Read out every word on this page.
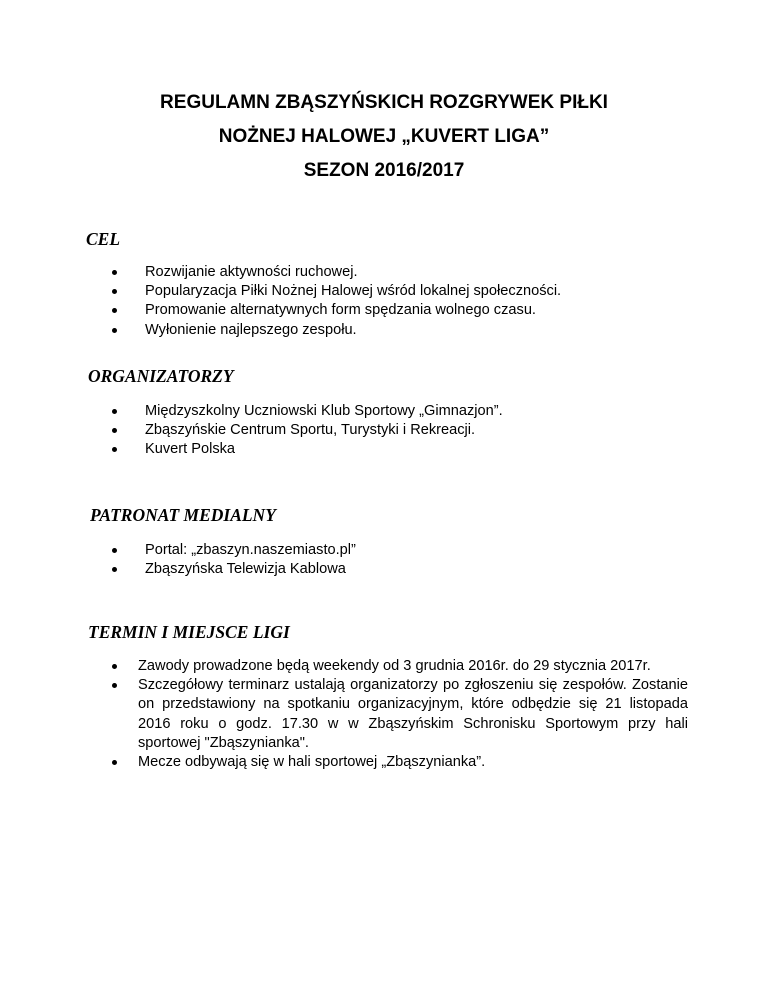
REGULAMN ZBĄSZYŃSKICH ROZGRYWEK PIŁKI
NOŻNEJ HALOWEJ „KUVERT LIGA”
SEZON 2016/2017
CEL
Rozwijanie aktywności ruchowej.
Popularyzacja Piłki Nożnej Halowej wśród lokalnej społeczności.
Promowanie alternatywnych form spędzania wolnego czasu.
Wyłonienie najlepszego zespołu.
ORGANIZATORZY
Międzyszkolny Uczniowski Klub Sportowy „Gimnazjon”.
Zbąszyńskie Centrum Sportu, Turystyki i Rekreacji.
Kuvert Polska
PATRONAT MEDIALNY
Portal: „zbaszyn.naszemiasto.pl”
Zbąszyńska Telewizja Kablowa
TERMIN I MIEJSCE LIGI
Zawody prowadzone będą weekendy od 3 grudnia 2016r. do 29 stycznia 2017r.
Szczegółowy terminarz ustalają organizatorzy po zgłoszeniu się zespołów. Zostanie on przedstawiony na spotkaniu organizacyjnym, które odbędzie się 21 listopada 2016 roku o godz. 17.30 w w Zbąszyńskim Schronisku Sportowym przy hali sportowej "Zbąszynianka".
Mecze odbywają się w hali sportowej „Zbąszynianka”.
